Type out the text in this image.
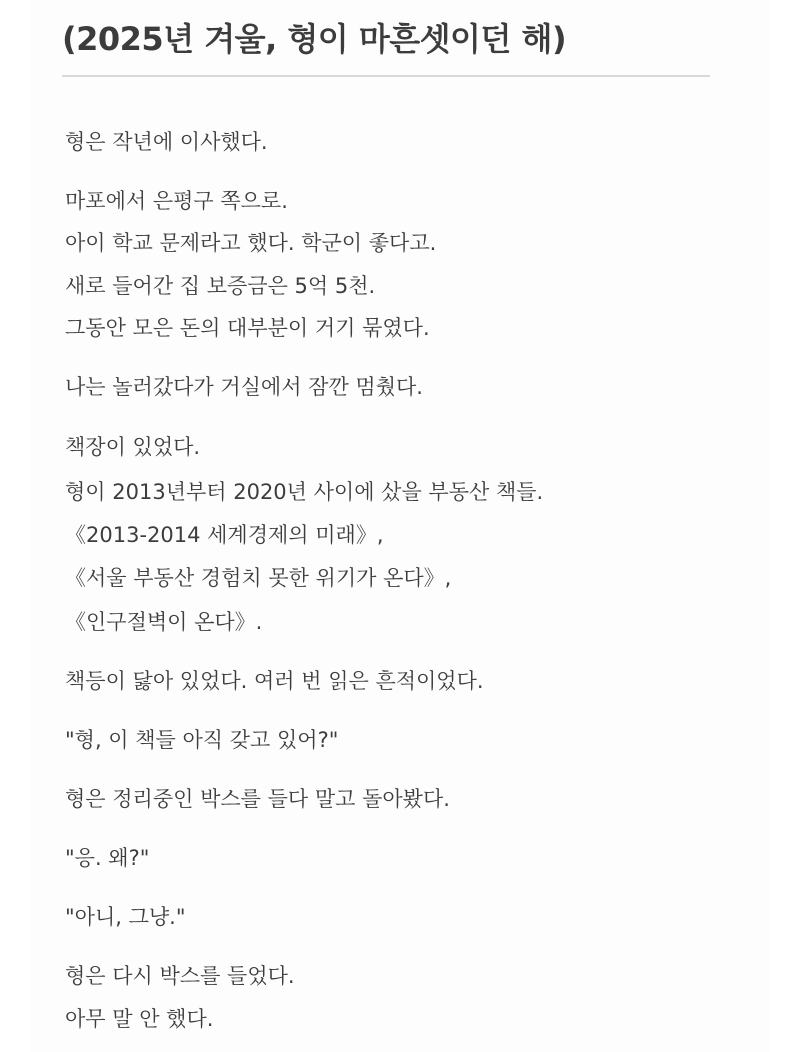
(2025년 겨울, 형이 마흔셋이던 해)

형은 작년에 이사했다.

마포에서 은평구 쪽으로.

아이 학교 문제라고 했다. 학군이 좋다고.

새로 들어간 집 보증금은 5억 5천.

그동안 모은 돈의 대부분이 거기 묶였다.

나는 놀러갔다가 거실에서 잠깐 멈췄다.

책장이 있었다.

형이 2013년부터 2020년 사이에 샀을 부동산 책들.

《2013-2014 세계경제의 미래》,

《서울 부동산 경험치 못한 위기가 온다》,

《인구절벽이 온다》.

책등이 닳아 있었다. 여러 번 읽은 흔적이었다.

"형, 이 책들 아직 갖고 있어?"

형은 정리중인 박스를 들다 말고 돌아봤다.

"응. 왜?"

"아니, 그냥."

형은 다시 박스를 들었다.

아무 말 안 했다.
